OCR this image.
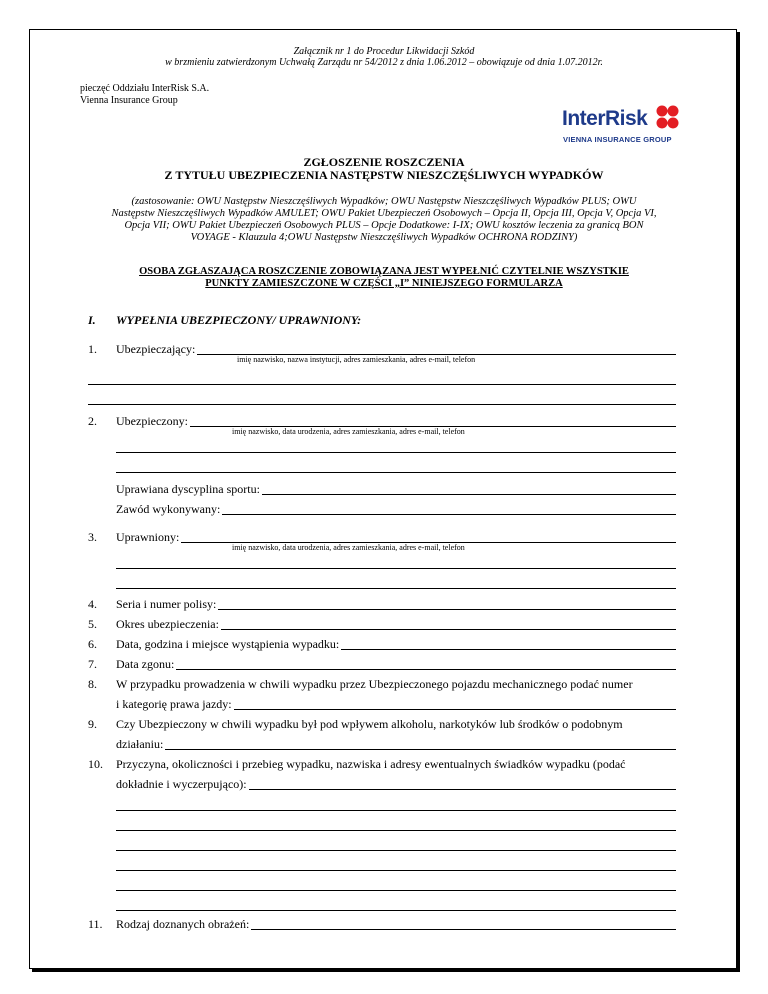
Załącznik nr 1 do Procedur Likwidacji Szkód
w brzmieniu zatwierdzonym Uchwałą Zarządu nr 54/2012 z dnia 1.06.2012 – obowiązuje od dnia 1.07.2012r.
pieczęć Oddziału InterRisk S.A.
Vienna Insurance Group
InterRisk
VIENNA INSURANCE GROUP
ZGŁOSZENIE ROSZCZENIA
Z TYTUŁU UBEZPIECZENIA NASTĘPSTW NIESZCZĘŚLIWYCH WYPADKÓW
(zastosowanie: OWU Następstw Nieszczęśliwych Wypadków; OWU Następstw Nieszczęśliwych Wypadków PLUS; OWU Następstw Nieszczęśliwych Wypadków AMULET; OWU Pakiet Ubezpieczeń Osobowych – Opcja II, Opcja III, Opcja V, Opcja VI, Opcja VII; OWU Pakiet Ubezpieczeń Osobowych PLUS – Opcje Dodatkowe: I-IX; OWU kosztów leczenia za granicą BON VOYAGE - Klauzula 4;OWU Następstw Nieszczęśliwych Wypadków OCHRONA RODZINY)
OSOBA ZGŁASZAJĄCA ROSZCZENIE ZOBOWIĄZANA JEST WYPEŁNIĆ CZYTELNIE WSZYSTKIE PUNKTY ZAMIESZCZONE W CZĘŚCI „I” NINIEJSZEGO FORMULARZA
I. WYPEŁNIA UBEZPIECZONY/ UPRAWNIONY:
1. Ubezpieczający:
imię nazwisko, nazwa instytucji, adres zamieszkania, adres e-mail, telefon
2. Ubezpieczony:
imię nazwisko, data urodzenia, adres zamieszkania, adres e-mail, telefon
Uprawiana dyscyplina sportu:
Zawód wykonywany:
3. Uprawniony:
imię nazwisko, data urodzenia, adres zamieszkania, adres e-mail, telefon
4. Seria i numer polisy:
5. Okres ubezpieczenia:
6. Data, godzina i miejsce wystąpienia wypadku:
7. Data zgonu:
8. W przypadku prowadzenia w chwili wypadku przez Ubezpieczonego pojazdu mechanicznego podać numer
i kategorię prawa jazdy:
9. Czy Ubezpieczony w chwili wypadku był pod wpływem alkoholu, narkotyków lub środków o podobnym
działaniu:
10. Przyczyna, okoliczności i przebieg wypadku, nazwiska i adresy ewentualnych świadków wypadku (podać
dokładnie i wyczerpująco):
11. Rodzaj doznanych obrażeń:
